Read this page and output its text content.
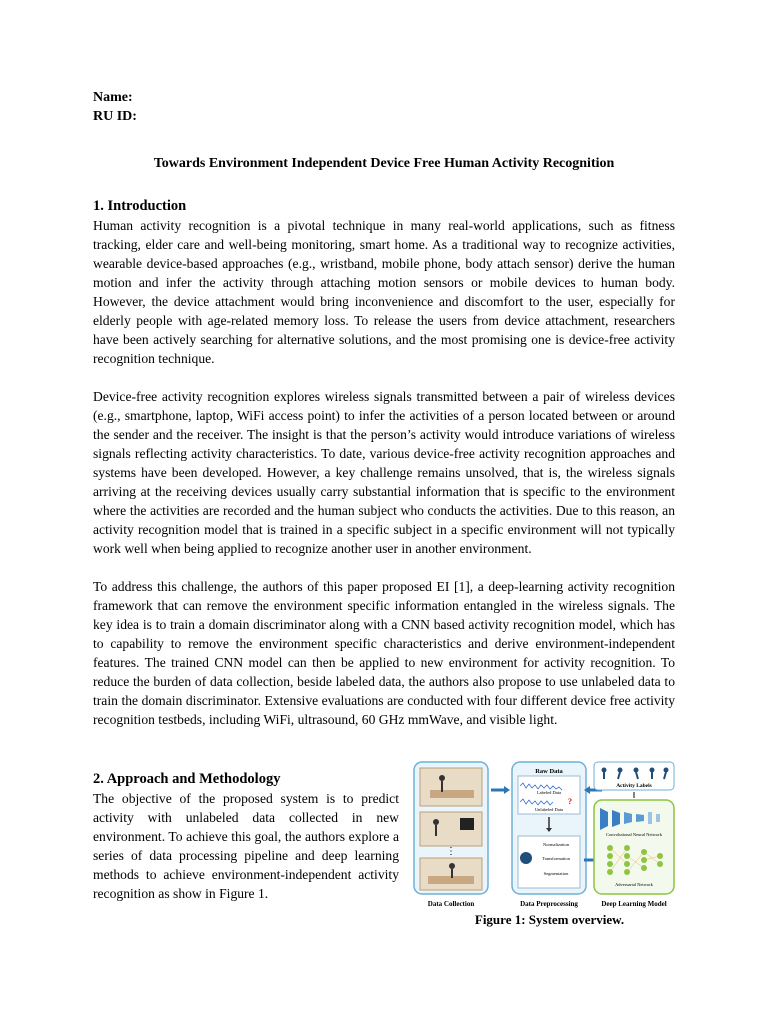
Name:
RU ID:
Towards Environment Independent Device Free Human Activity Recognition
1. Introduction

Human activity recognition is a pivotal technique in many real-world applications, such as fitness tracking, elder care and well-being monitoring, smart home. As a traditional way to recognize activities, wearable device-based approaches (e.g., wristband, mobile phone, body attach sensor) derive the human motion and infer the activity through attaching motion sensors or mobile devices to human body. However, the device attachment would bring inconvenience and discomfort to the user, especially for elderly people with age-related memory loss. To release the users from device attachment, researchers have been actively searching for alternative solutions, and the most promising one is device-free activity recognition technique.

Device-free activity recognition explores wireless signals transmitted between a pair of wireless devices (e.g., smartphone, laptop, WiFi access point) to infer the activities of a person located between or around the sender and the receiver. The insight is that the person’s activity would introduce variations of wireless signals reflecting activity characteristics. To date, various device-free activity recognition approaches and systems have been developed. However, a key challenge remains unsolved, that is, the wireless signals arriving at the receiving devices usually carry substantial information that is specific to the environment where the activities are recorded and the human subject who conducts the activities. Due to this reason, an activity recognition model that is trained in a specific subject in a specific environment will not typically work well when being applied to recognize another user in another environment.

To address this challenge, the authors of this paper proposed EI [1], a deep-learning activity recognition framework that can remove the environment specific information entangled in the wireless signals. The key idea is to train a domain discriminator along with a CNN based activity recognition model, which has to capability to remove the environment specific characteristics and derive environment-independent features. The trained CNN model can then be applied to new environment for activity recognition. To reduce the burden of data collection, beside labeled data, the authors also propose to use unlabeled data to train the domain discriminator. Extensive evaluations are conducted with four different device free activity recognition testbeds, including WiFi, ultrasound, 60 GHz mmWave, and visible light.

2. Approach and Methodology

The objective of the proposed system is to predict activity with unlabeled data collected in new environment. To achieve this goal, the authors explore a series of data processing pipeline and deep learning methods to achieve environment-independent activity recognition as show in Figure 1.

⋮
Raw Data
Labeled Data
?
Unlabeled Data
Normalization
Transformation
Segmentation
Activity Labels
Convolutional Neural Network
Adversarial Network
Data Collection	Data Preprocessing	Deep Learning Model
Figure 1: System overview.
